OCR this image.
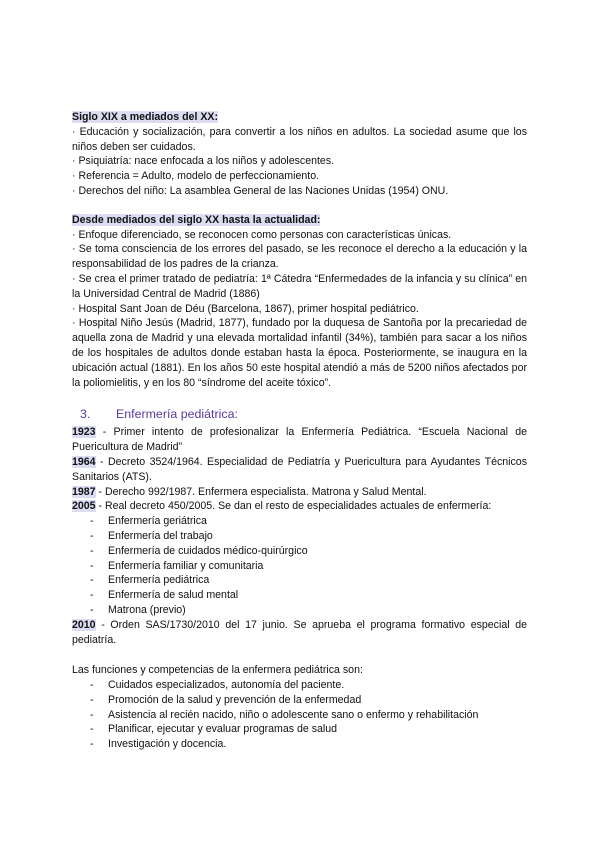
Siglo XIX a mediados del XX:

· Educación y socialización, para convertir a los niños en adultos. La sociedad asume que los niños deben ser cuidados.

· Psiquiatría: nace enfocada a los niños y adolescentes.

· Referencia = Adulto, modelo de perfeccionamiento.

· Derechos del niño: La asamblea General de las Naciones Unidas (1954) ONU.

Desde mediados del siglo XX hasta la actualidad:

· Enfoque diferenciado, se reconocen como personas con características únicas.

· Se toma consciencia de los errores del pasado, se les reconoce el derecho a la educación y la responsabilidad de los padres de la crianza.

· Se crea el primer tratado de pediatría: 1ª Cátedra “Enfermedades de la infancia y su clínica” en la Universidad Central de Madrid (1886)

· Hospital Sant Joan de Déu (Barcelona, 1867), primer hospital pediátrico.

· Hospital Niño Jesús (Madrid, 1877), fundado por la duquesa de Santoña por la precariedad de aquella zona de Madrid y una elevada mortalidad infantil (34%), también para sacar a los niños de los hospitales de adultos donde estaban hasta la época. Posteriormente, se inaugura en la ubicación actual (1881). En los años 50 este hospital atendió a más de 5200 niños afectados por la poliomielitis, y en los 80 “síndrome del aceite tóxico”.

3. Enfermería pediátrica:

1923 - Primer intento de profesionalizar la Enfermería Pediátrica. “Escuela Nacional de Puericultura de Madrid”

1964 - Decreto 3524/1964. Especialidad de Pediatría y Puericultura para Ayudantes Técnicos Sanitarios (ATS).

1987 - Derecho 992/1987. Enfermera especialista. Matrona y Salud Mental.

2005 - Real decreto 450/2005. Se dan el resto de especialidades actuales de enfermería:

- Enfermería geriátrica
- Enfermería del trabajo
- Enfermería de cuidados médico-quirúrgico
- Enfermería familiar y comunitaria
- Enfermería pediátrica
- Enfermería de salud mental
- Matrona (previo)

2010 - Orden SAS/1730/2010 del 17 junio. Se aprueba el programa formativo especial de pediatría.

Las funciones y competencias de la enfermera pediátrica son:

- Cuidados especializados, autonomía del paciente.
- Promoción de la salud y prevención de la enfermedad
- Asistencia al recién nacido, niño o adolescente sano o enfermo y rehabilitación
- Planificar, ejecutar y evaluar programas de salud
- Investigación y docencia.
